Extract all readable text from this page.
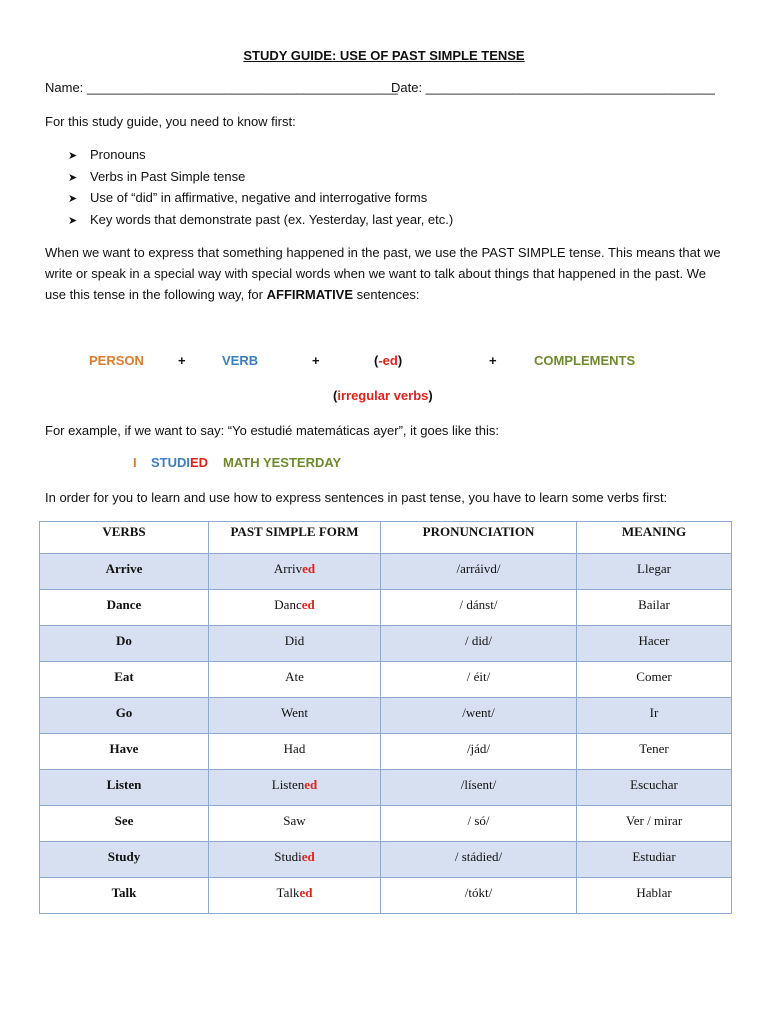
STUDY GUIDE: USE OF PAST SIMPLE TENSE
Name: ___________________________________________
Date: ________________________________________
For this study guide, you need to know first:
➤ Pronouns
➤ Verbs in Past Simple tense
➤ Use of “did” in affirmative, negative and interrogative forms
➤ Key words that demonstrate past (ex. Yesterday, last year, etc.)
When we want to express that something happened in the past, we use the PAST SIMPLE tense. This means that we write or speak in a special way with special words when we want to talk about things that happened in the past. We use this tense in the following way, for AFFIRMATIVE sentences:
PERSON	+	VERB	+	(-ed)	+	COMPLEMENTS
(irregular verbs)
For example, if we want to say: “Yo estudié matemáticas ayer”, it goes like this:
I STUDIED MATH YESTERDAY
In order for you to learn and use how to express sentences in past tense, you have to learn some verbs first:
VERBS	PAST SIMPLE FORM	PRONUNCIATION	MEANING
Arrive	Arrived	/arráivd/	Llegar
Dance	Danced	/ dánst/	Bailar
Do	Did	/ did/	Hacer
Eat	Ate	/ éit/	Comer
Go	Went	/went/	Ir
Have	Had	/jád/	Tener
Listen	Listened	/lísent/	Escuchar
See	Saw	/ só/	Ver / mirar
Study	Studied	/ stádied/	Estudiar
Talk	Talked	/tókt/	Hablar
